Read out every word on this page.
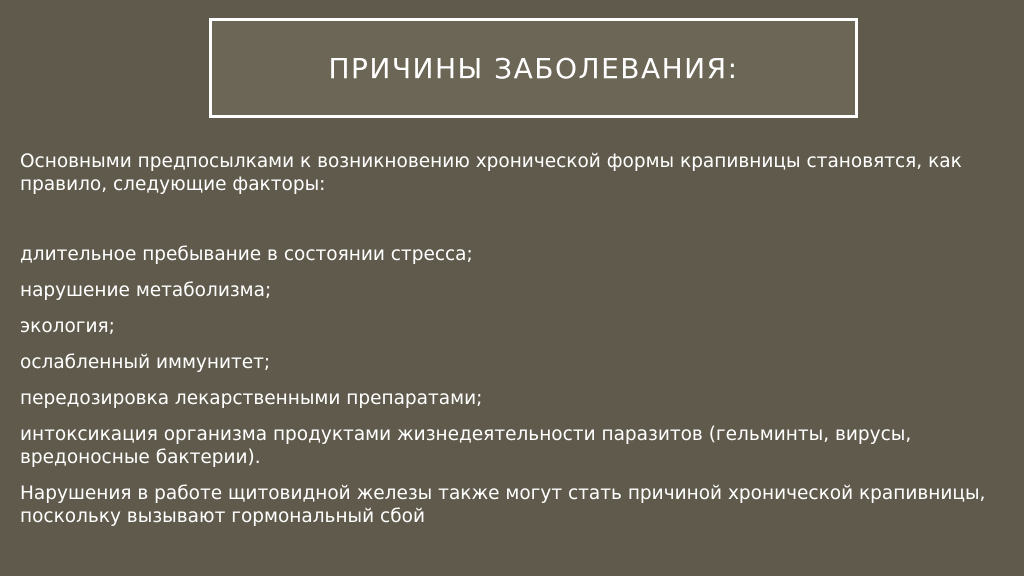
ПРИЧИНЫ ЗАБОЛЕВАНИЯ:

Основными предпосылками к возникновению хронической формы крапивницы становятся, как правило, следующие факторы:

длительное пребывание в состоянии стресса;
нарушение метаболизма;
экология;
ослабленный иммунитет;
передозировка лекарственными препаратами;
интоксикация организма продуктами жизнедеятельности паразитов (гельминты, вирусы,
вредоносные бактерии).

Нарушения в работе щитовидной железы также могут стать причиной хронической крапивницы, поскольку вызывают гормональный сбой
